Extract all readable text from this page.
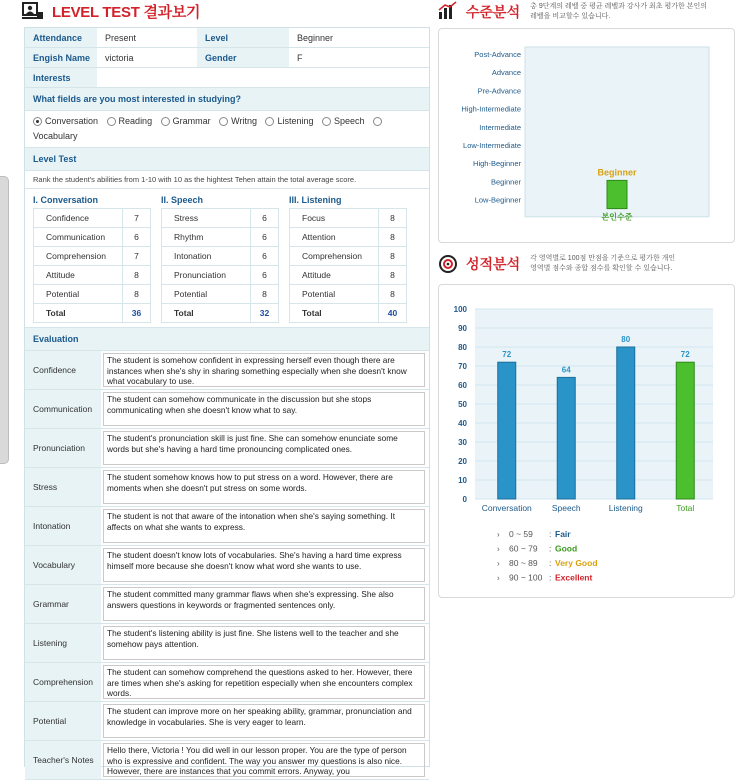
LEVEL TEST 결과보기
Attendance	Present	Level	Beginner
Engish Name	victoria	Gender	F
Interests
What fields are you most interested in studying?
Conversation
Reading
Grammar
Writng
Listening
Speech

Vocabulary
Level Test
Rank the student's abilities from 1-10 with 10 as the hightest Tehen attain the total average score.
I. Conversation
Confidence	7
Communication	6
Comprehension	7
Attitude	8
Potential	8
Total	36
II. Speech
Stress	6
Rhythm	6
Intonation	6
Pronunciation	6
Potential	8
Total	32
III. Listening
Focus	8
Attention	8
Comprehension	8
Attitude	8
Potential	8
Total	40
Evaluation
Confidence
The student is somehow confident in expressing herself even though there are instances when she's shy in sharing something especially when she doesn't know what vocabulary to use.
Communication
The student can somehow communicate in the discussion but she stops communicating when she doesn't know what to say.
Pronunciation
The student's pronunciation skill is just fine. She can somehow enunciate some words but she's having a hard time pronouncing complicated ones.
Stress
The student somehow knows how to put stress on a word. However, there are moments when she doesn't put stress on some words.
Intonation
The student is not that aware of the intonation when she's saying something. It affects on what she wants to express.
Vocabulary
The student doesn't know lots of vocabularies. She's having a hard time express himself more because she doesn't know what word she wants to use.
Grammar
The student committed many grammar flaws when she's expressing. She also answers questions in keywords or fragmented sentences only.
Listening
The student's listening ability is just fine. She listens well to the teacher and she somehow pays attention.
Comprehension
The student can somehow comprehend the questions asked to her. However, there are times when she's asking for repetition especially when she encounters complex words.
Potential
The student can improve more on her speaking ability, grammar, pronunciation and knowledge in vocabularies. She is very eager to learn.
Teacher's Notes
Hello there, Victoria ! You did well in our lesson proper. You are the type of person who is expressive and confident. The way you answer my questions is also nice. However, there are instances that you commit errors. Anyway, you
수준분석 총 9단계의 레벨 중 평균 레벨과 강사가 최초 평가한 본인의
레벨을 비교할수 있습니다.
Post-Advance
Advance
Pre-Advance
High-Intermediate
Intermediate
Low-Intermediate
High-Beginner
Beginner
Low-Beginner
Beginner
본인수준
성적분석 각 영역별로 100점 만점을 기준으로 평가한 개인
영역별 점수와 종합 점수를 확인할 수 있습니다.
0
10
20
30
40
50
60
70
80
90
100
72
Conversation
64
Speech
80
Listening
72
Total
› 0 ~ 59 : Fair
› 60 ~ 79 : Good
› 80 ~ 89 : Very Good
› 90 ~ 100 : Excellent
